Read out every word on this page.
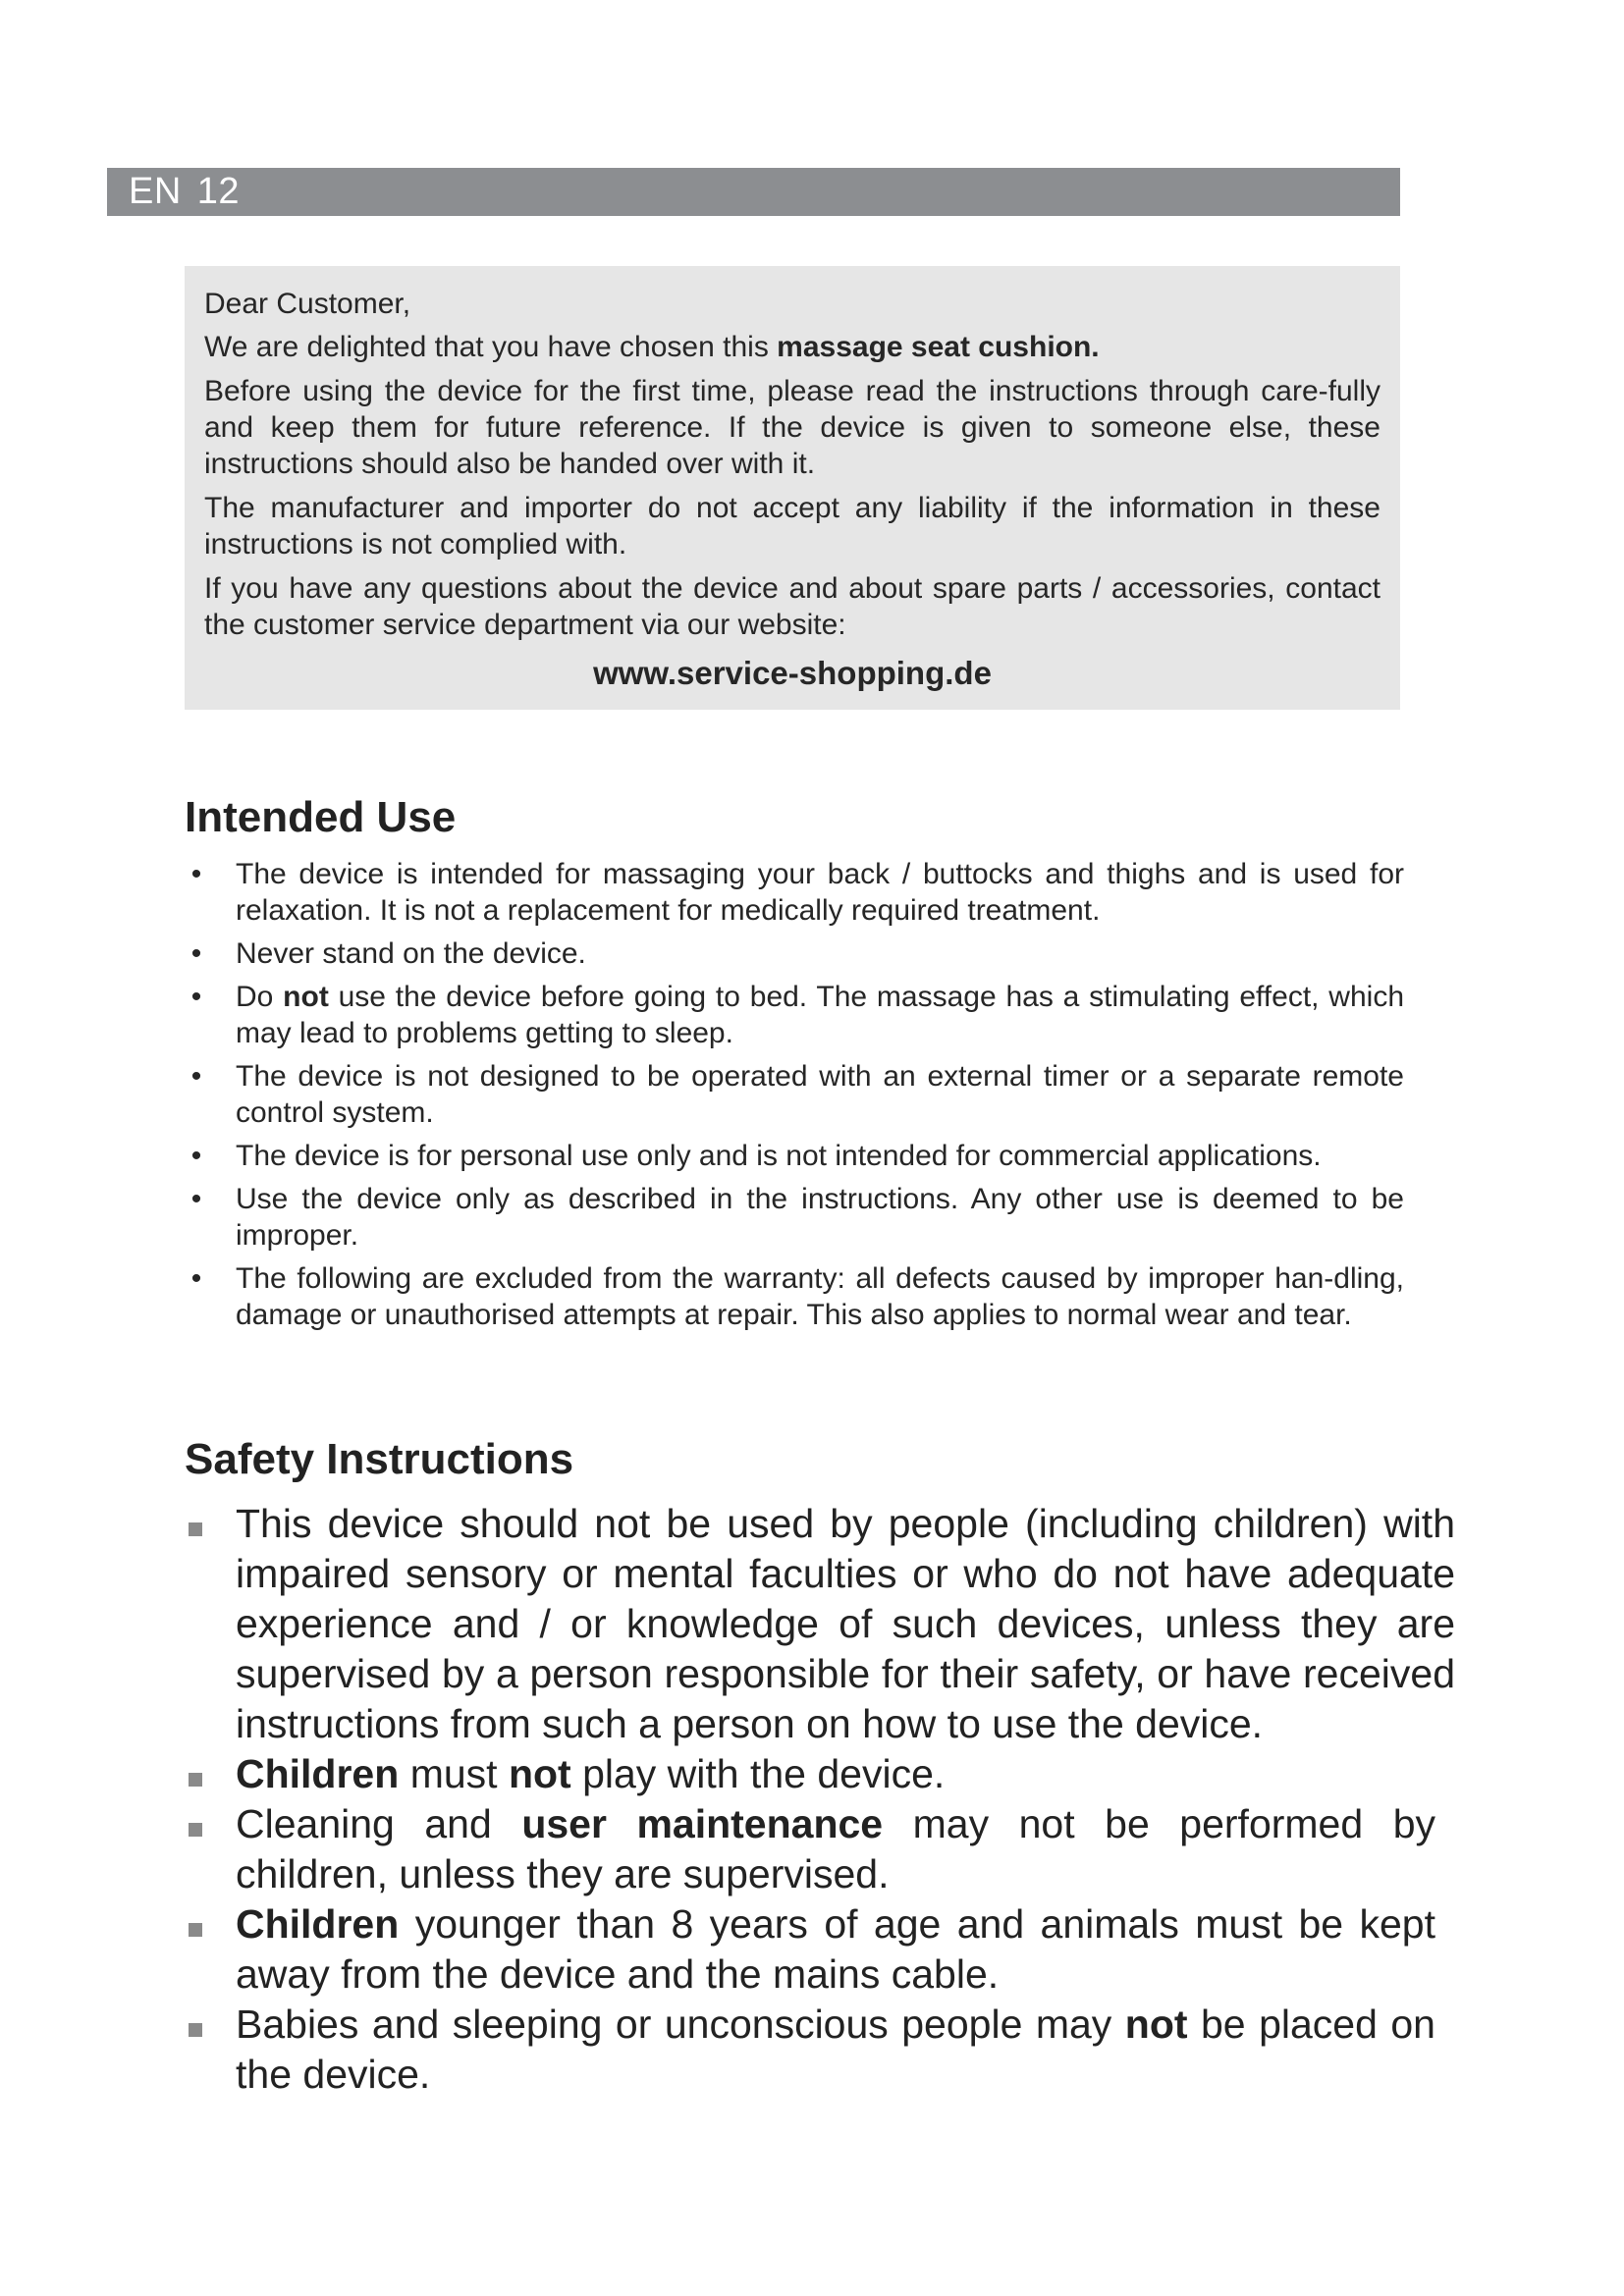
EN 12

Dear Customer,

We are delighted that you have chosen this massage seat cushion.

Before using the device for the first time, please read the instructions through care-fully and keep them for future reference. If the device is given to someone else, these instructions should also be handed over with it.

The manufacturer and importer do not accept any liability if the information in these instructions is not complied with.

If you have any questions about the device and about spare parts / accessories, contact the customer service department via our website:

www.service-shopping.de
Intended Use
• The device is intended for massaging your back / buttocks and thighs and is used for relaxation. It is not a replacement for medically required treatment.
• Never stand on the device.
• Do not use the device before going to bed. The massage has a stimulating effect, which may lead to problems getting to sleep.
• The device is not designed to be operated with an external timer or a separate remote control system.
• The device is for personal use only and is not intended for commercial applications.
• Use the device only as described in the instructions. Any other use is deemed to be improper.
• The following are excluded from the warranty: all defects caused by improper han-dling, damage or unauthorised attempts at repair. This also applies to normal wear and tear.
Safety Instructions
This device should not be used by people (including children) with impaired sensory or mental faculties or who do not have adequate experience and / or knowledge of such devices, unless they are supervised by a person responsible for their safety, or have received instructions from such a person on how to use the device.
Children must not play with the device.
Cleaning and user maintenance may not be performed by children, unless they are supervised.
Children younger than 8 years of age and animals must be kept away from the device and the mains cable.
Babies and sleeping or unconscious people may not be placed on the device.
